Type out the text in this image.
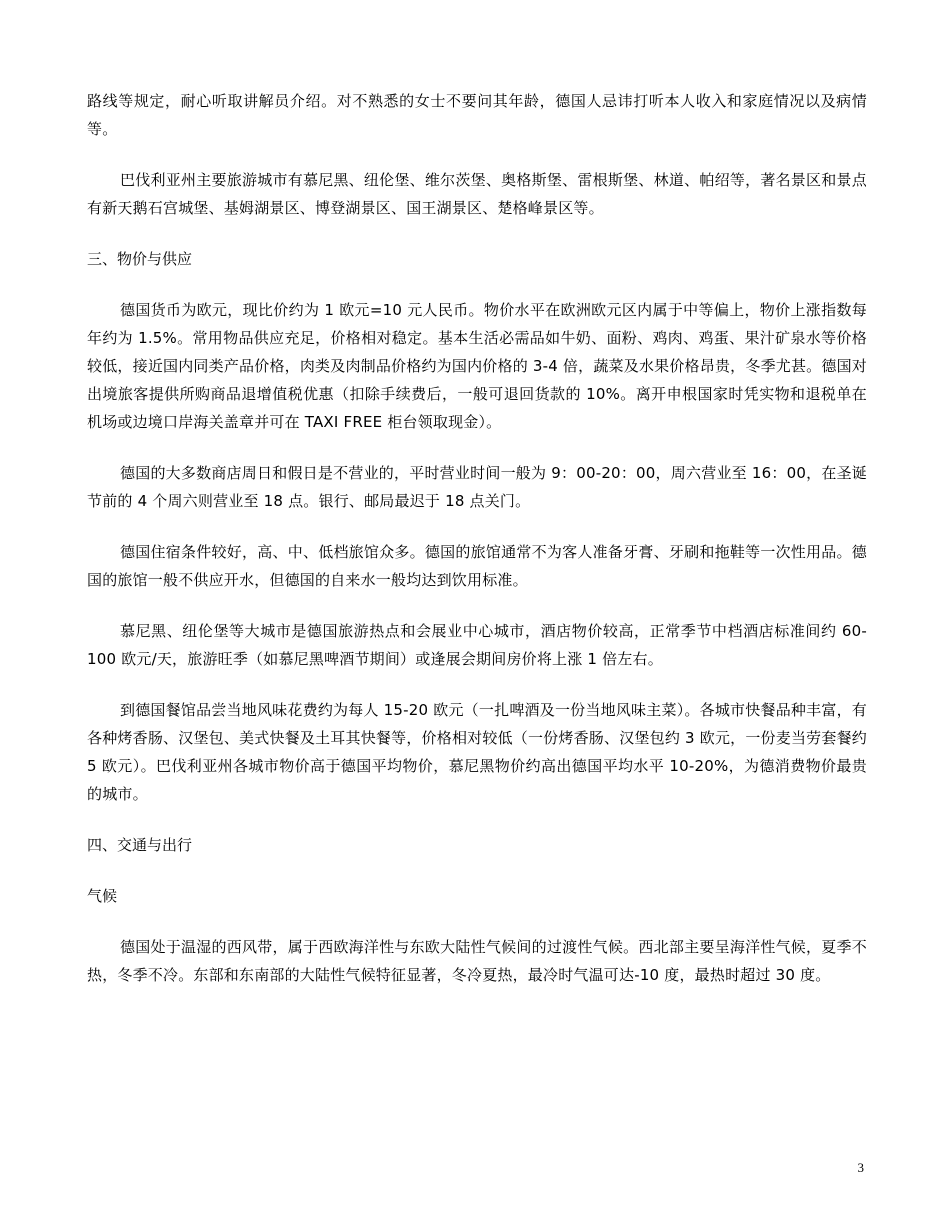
路线等规定，耐心听取讲解员介绍。对不熟悉的女士不要问其年龄，德国人忌讳打听本人收入和家庭情况以及病情等。

巴伐利亚州主要旅游城市有慕尼黑、纽伦堡、维尔茨堡、奥格斯堡、雷根斯堡、林道、帕绍等，著名景区和景点有新天鹅石宫城堡、基姆湖景区、博登湖景区、国王湖景区、楚格峰景区等。

三、物价与供应

德国货币为欧元，现比价约为 1 欧元=10 元人民币。物价水平在欧洲欧元区内属于中等偏上，物价上涨指数每年约为 1.5%。常用物品供应充足，价格相对稳定。基本生活必需品如牛奶、面粉、鸡肉、鸡蛋、果汁矿泉水等价格较低，接近国内同类产品价格，肉类及肉制品价格约为国内价格的 3-4 倍，蔬菜及水果价格昂贵，冬季尤甚。德国对出境旅客提供所购商品退增值税优惠（扣除手续费后，一般可退回货款的 10%。离开申根国家时凭实物和退税单在机场或边境口岸海关盖章并可在 TAXI FREE 柜台领取现金）。

德国的大多数商店周日和假日是不营业的，平时营业时间一般为 9：00-20：00，周六营业至 16：00，在圣诞节前的 4 个周六则营业至 18 点。银行、邮局最迟于 18 点关门。

德国住宿条件较好，高、中、低档旅馆众多。德国的旅馆通常不为客人准备牙膏、牙刷和拖鞋等一次性用品。德国的旅馆一般不供应开水，但德国的自来水一般均达到饮用标准。

慕尼黑、纽伦堡等大城市是德国旅游热点和会展业中心城市，酒店物价较高，正常季节中档酒店标准间约 60-100 欧元/天，旅游旺季（如慕尼黑啤酒节期间）或逢展会期间房价将上涨 1 倍左右。

到德国餐馆品尝当地风味花费约为每人 15-20 欧元（一扎啤酒及一份当地风味主菜）。各城市快餐品种丰富，有各种烤香肠、汉堡包、美式快餐及土耳其快餐等，价格相对较低（一份烤香肠、汉堡包约 3 欧元，一份麦当劳套餐约 5 欧元）。巴伐利亚州各城市物价高于德国平均物价，慕尼黑物价约高出德国平均水平 10-20%，为德消费物价最贵的城市。

四、交通与出行

气候

德国处于温湿的西风带，属于西欧海洋性与东欧大陆性气候间的过渡性气候。西北部主要呈海洋性气候，夏季不热，冬季不冷。东部和东南部的大陆性气候特征显著，冬冷夏热，最冷时气温可达-10 度，最热时超过 30 度。

3
